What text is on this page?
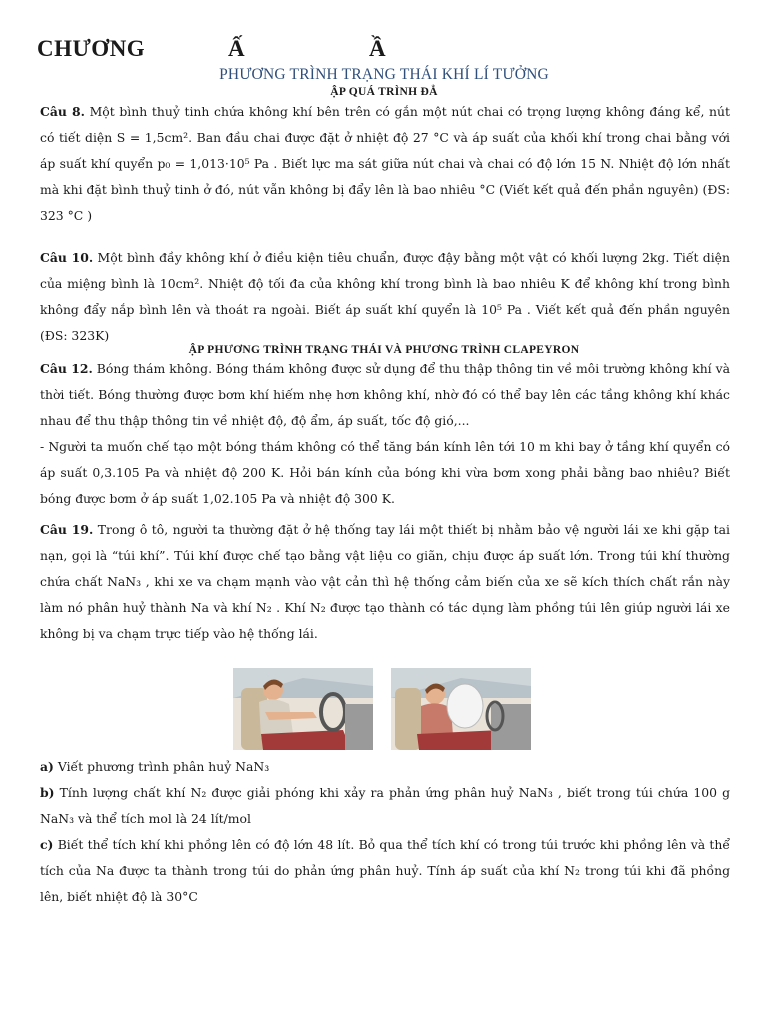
CHƯƠNG	Ấ	Ầ
PHƯƠNG TRÌNH TRẠNG THÁI KHÍ LÍ TƯỞNG
ẬP QUÁ TRÌNH ĐẲ

Câu 8. Một bình thuỷ tinh chứa không khí bên trên có gắn một nút chai có trọng lượng không đáng kể, nút có tiết diện S = 1,5cm². Ban đầu chai được đặt ở nhiệt độ 27 °C và áp suất của khối khí trong chai bằng với áp suất khí quyển p₀ = 1,013·10⁵ Pa . Biết lực ma sát giữa nút chai và chai có độ lớn 15 N. Nhiệt độ lớn nhất mà khi đặt bình thuỷ tinh ở đó, nút vẫn không bị đẩy lên là bao nhiêu °C (Viết kết quả đến phần nguyên) (ĐS: 323 °C )

Câu 10. Một bình đầy không khí ở điều kiện tiêu chuẩn, được đậy bằng một vật có khối lượng 2kg. Tiết diện của miệng bình là 10cm². Nhiệt độ tối đa của không khí trong bình là bao nhiêu K để không khí trong bình không đẩy nắp bình lên và thoát ra ngoài. Biết áp suất khí quyển là 10⁵ Pa . Viết kết quả đến phần nguyên (ĐS: 323K)

ẬP PHƯƠNG TRÌNH TRẠNG THÁI VÀ PHƯƠNG TRÌNH CLAPEYRON

Câu 12. Bóng thám không. Bóng thám không được sử dụng để thu thập thông tin về môi trường không khí và thời tiết. Bóng thường được bơm khí hiếm nhẹ hơn không khí, nhờ đó có thể bay lên các tầng không khí khác nhau để thu thập thông tin về nhiệt độ, độ ẩm, áp suất, tốc độ gió,...

- Người ta muốn chế tạo một bóng thám không có thể tăng bán kính lên tới 10 m khi bay ở tầng khí quyển có áp suất 0,3.105 Pa và nhiệt độ 200 K. Hỏi bán kính của bóng khi vừa bơm xong phải bằng bao nhiêu? Biết bóng được bơm ở áp suất 1,02.105 Pa và nhiệt độ 300 K.

Câu 19. Trong ô tô, người ta thường đặt ở hệ thống tay lái một thiết bị nhằm bảo vệ người lái xe khi gặp tai nạn, gọi là “túi khí”. Túi khí được chế tạo bằng vật liệu co giãn, chịu được áp suất lớn. Trong túi khí thường chứa chất NaN₃ , khi xe va chạm mạnh vào vật cản thì hệ thống cảm biến của xe sẽ kích thích chất rắn này làm nó phân huỷ thành Na và khí N₂ . Khí N₂ được tạo thành có tác dụng làm phồng túi lên giúp người lái xe không bị va chạm trực tiếp vào hệ thống lái.

a) Viết phương trình phân huỷ NaN₃

b) Tính lượng chất khí N₂ được giải phóng khi xảy ra phản ứng phân huỷ NaN₃ , biết trong túi chứa 100 g NaN₃ và thể tích mol là 24 lít/mol

c) Biết thể tích khí khi phồng lên có độ lớn 48 lít. Bỏ qua thể tích khí có trong túi trước khi phồng lên và thể tích của Na được ta thành trong túi do phản ứng phân huỷ. Tính áp suất của khí N₂ trong túi khi đã phồng lên, biết nhiệt độ là 30°C
